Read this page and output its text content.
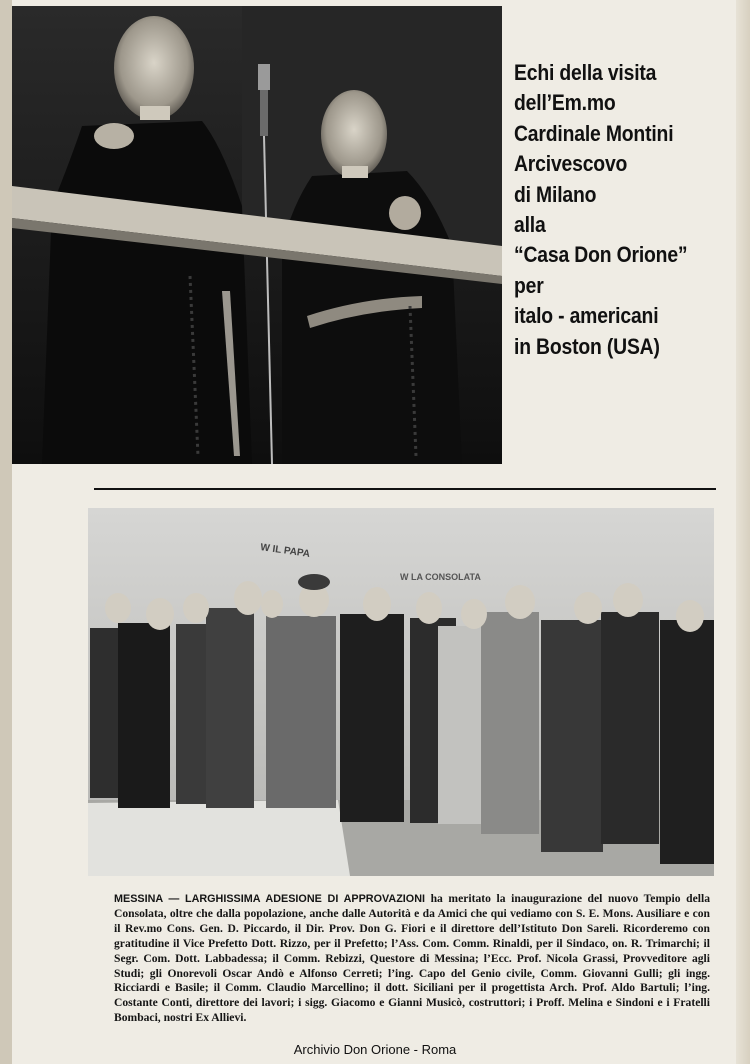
Echi della visita
dell’Em.mo
Cardinale Montini
Arcivescovo
di Milano
alla
“Casa Don Orione”
per
italo - americani
in Boston (USA)
W IL PAPA
W LA CONSOLATA
MESSINA — LARGHISSIMA ADESIONE DI APPROVAZIONI ha meritato la inaugurazione del nuovo Tempio della Consolata, oltre che dalla popolazione, anche dalle Autorità e da Amici che qui vediamo con S. E. Mons. Ausiliare e con il Rev.mo Cons. Gen. D. Piccardo, il Dir. Prov. Don G. Fiori e il direttore dell’Istituto Don Sareli. Ricorderemo con gratitudine il Vice Prefetto Dott. Rizzo, per il Prefetto; l’Ass. Com. Comm. Rinaldi, per il Sindaco, on. R. Trimarchi; il Segr. Com. Dott. Labbadessa; il Comm. Rebizzi, Questore di Messina; l’Ecc. Prof. Nicola Grassi, Provveditore agli Studi; gli Onorevoli Oscar Andò e Alfonso Cerreti; l’ing. Capo del Genio civile, Comm. Giovanni Gulli; gli ingg. Ricciardi e Basile; il Comm. Claudio Marcellino; il dott. Siciliani per il progettista Arch. Prof. Aldo Bartuli; l’ing. Costante Conti, direttore dei lavori; i sigg. Giacomo e Gianni Musicò, costruttori; i Proff. Melina e Sindoni e i Fratelli Bombaci, nostri Ex Allievi.
Archivio Don Orione - Roma
